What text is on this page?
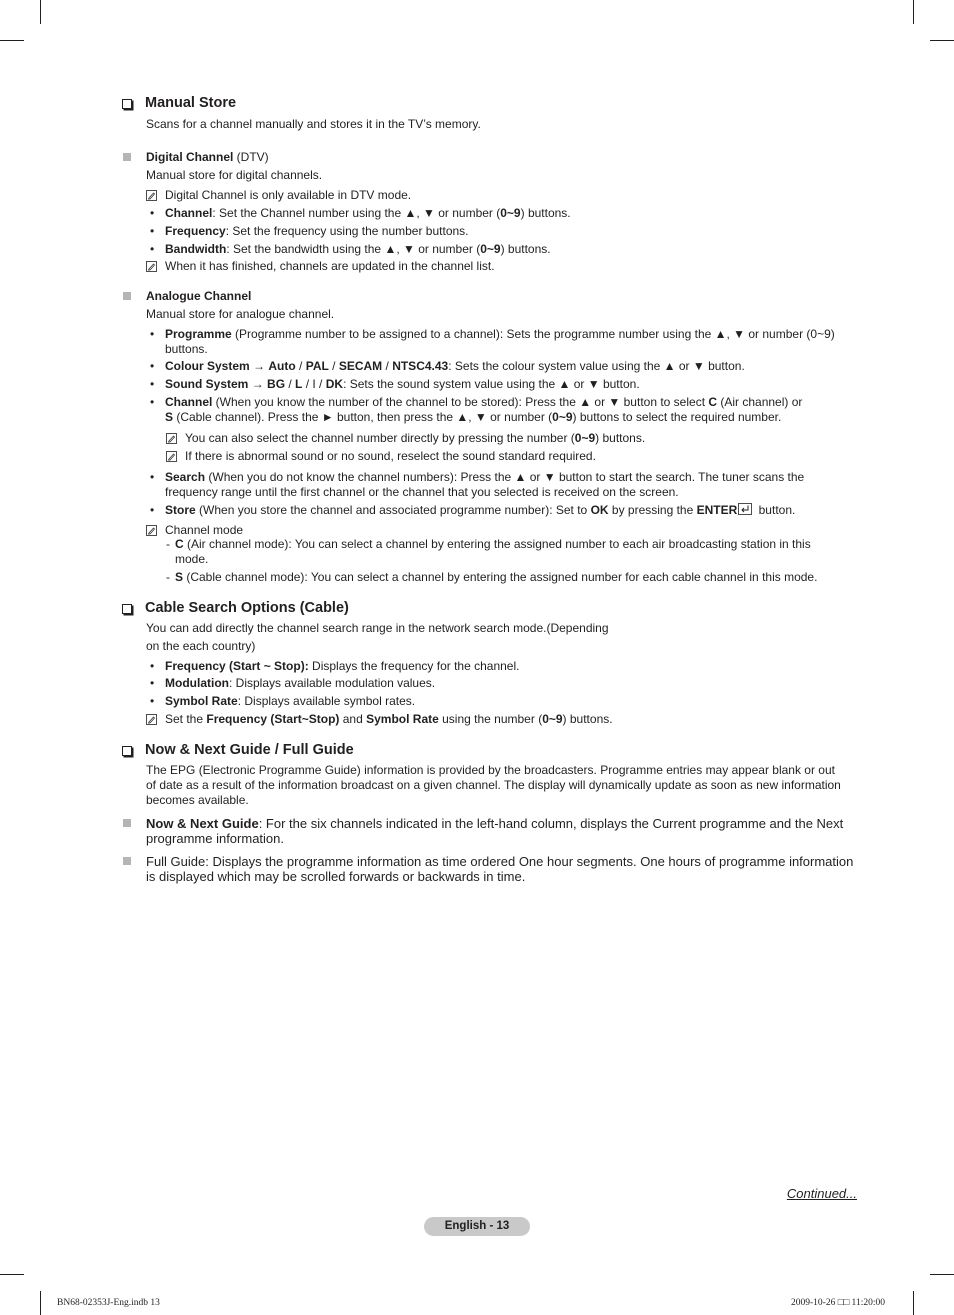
Manual Store
Scans for a channel manually and stores it in the TV’s memory.
Digital Channel (DTV)
Manual store for digital channels.
Digital Channel is only available in DTV mode.
• Channel: Set the Channel number using the ▲, ▼ or number (0~9) buttons.
• Frequency: Set the frequency using the number buttons.
• Bandwidth: Set the bandwidth using the ▲, ▼ or number (0~9) buttons.
When it has finished, channels are updated in the channel list.
Analogue Channel
Manual store for analogue channel.
• Programme (Programme number to be assigned to a channel): Sets the programme number using the ▲, ▼ or number (0~9)
buttons.
• Colour System → Auto / PAL / SECAM / NTSC4.43: Sets the colour system value using the ▲ or ▼ button.
• Sound System → BG / L / I / DK: Sets the sound system value using the ▲ or ▼ button.
• Channel (When you know the number of the channel to be stored): Press the ▲ or ▼ button to select C (Air channel) or
S (Cable channel). Press the ► button, then press the ▲, ▼ or number (0~9) buttons to select the required number.
You can also select the channel number directly by pressing the number (0~9) buttons.
If there is abnormal sound or no sound, reselect the sound standard required.
• Search (When you do not know the channel numbers): Press the ▲ or ▼ button to start the search. The tuner scans the
frequency range until the first channel or the channel that you selected is received on the screen.
• Store (When you store the channel and associated programme number): Set to OK by pressing the ENTER button.
Channel mode
- C (Air channel mode): You can select a channel by entering the assigned number to each air broadcasting station in this
mode.
- S (Cable channel mode): You can select a channel by entering the assigned number for each cable channel in this mode.
Cable Search Options (Cable)
You can add directly the channel search range in the network search mode.(Depending
on the each country)
• Frequency (Start ~ Stop): Displays the frequency for the channel.
• Modulation: Displays available modulation values.
• Symbol Rate: Displays available symbol rates.
Set the Frequency (Start~Stop) and Symbol Rate using the number (0~9) buttons.
Now & Next Guide / Full Guide
The EPG (Electronic Programme Guide) information is provided by the broadcasters. Programme entries may appear blank or out
of date as a result of the information broadcast on a given channel. The display will dynamically update as soon as new information
becomes available.
Now & Next Guide: For the six channels indicated in the left-hand column, displays the Current programme and the Next
programme information.
Full Guide: Displays the programme information as time ordered One hour segments. One hours of programme information
is displayed which may be scrolled forwards or backwards in time.
Continued...
English - 13
BN68-02353J-Eng.indb 13	2009-10-26 □□ 11:20:00
